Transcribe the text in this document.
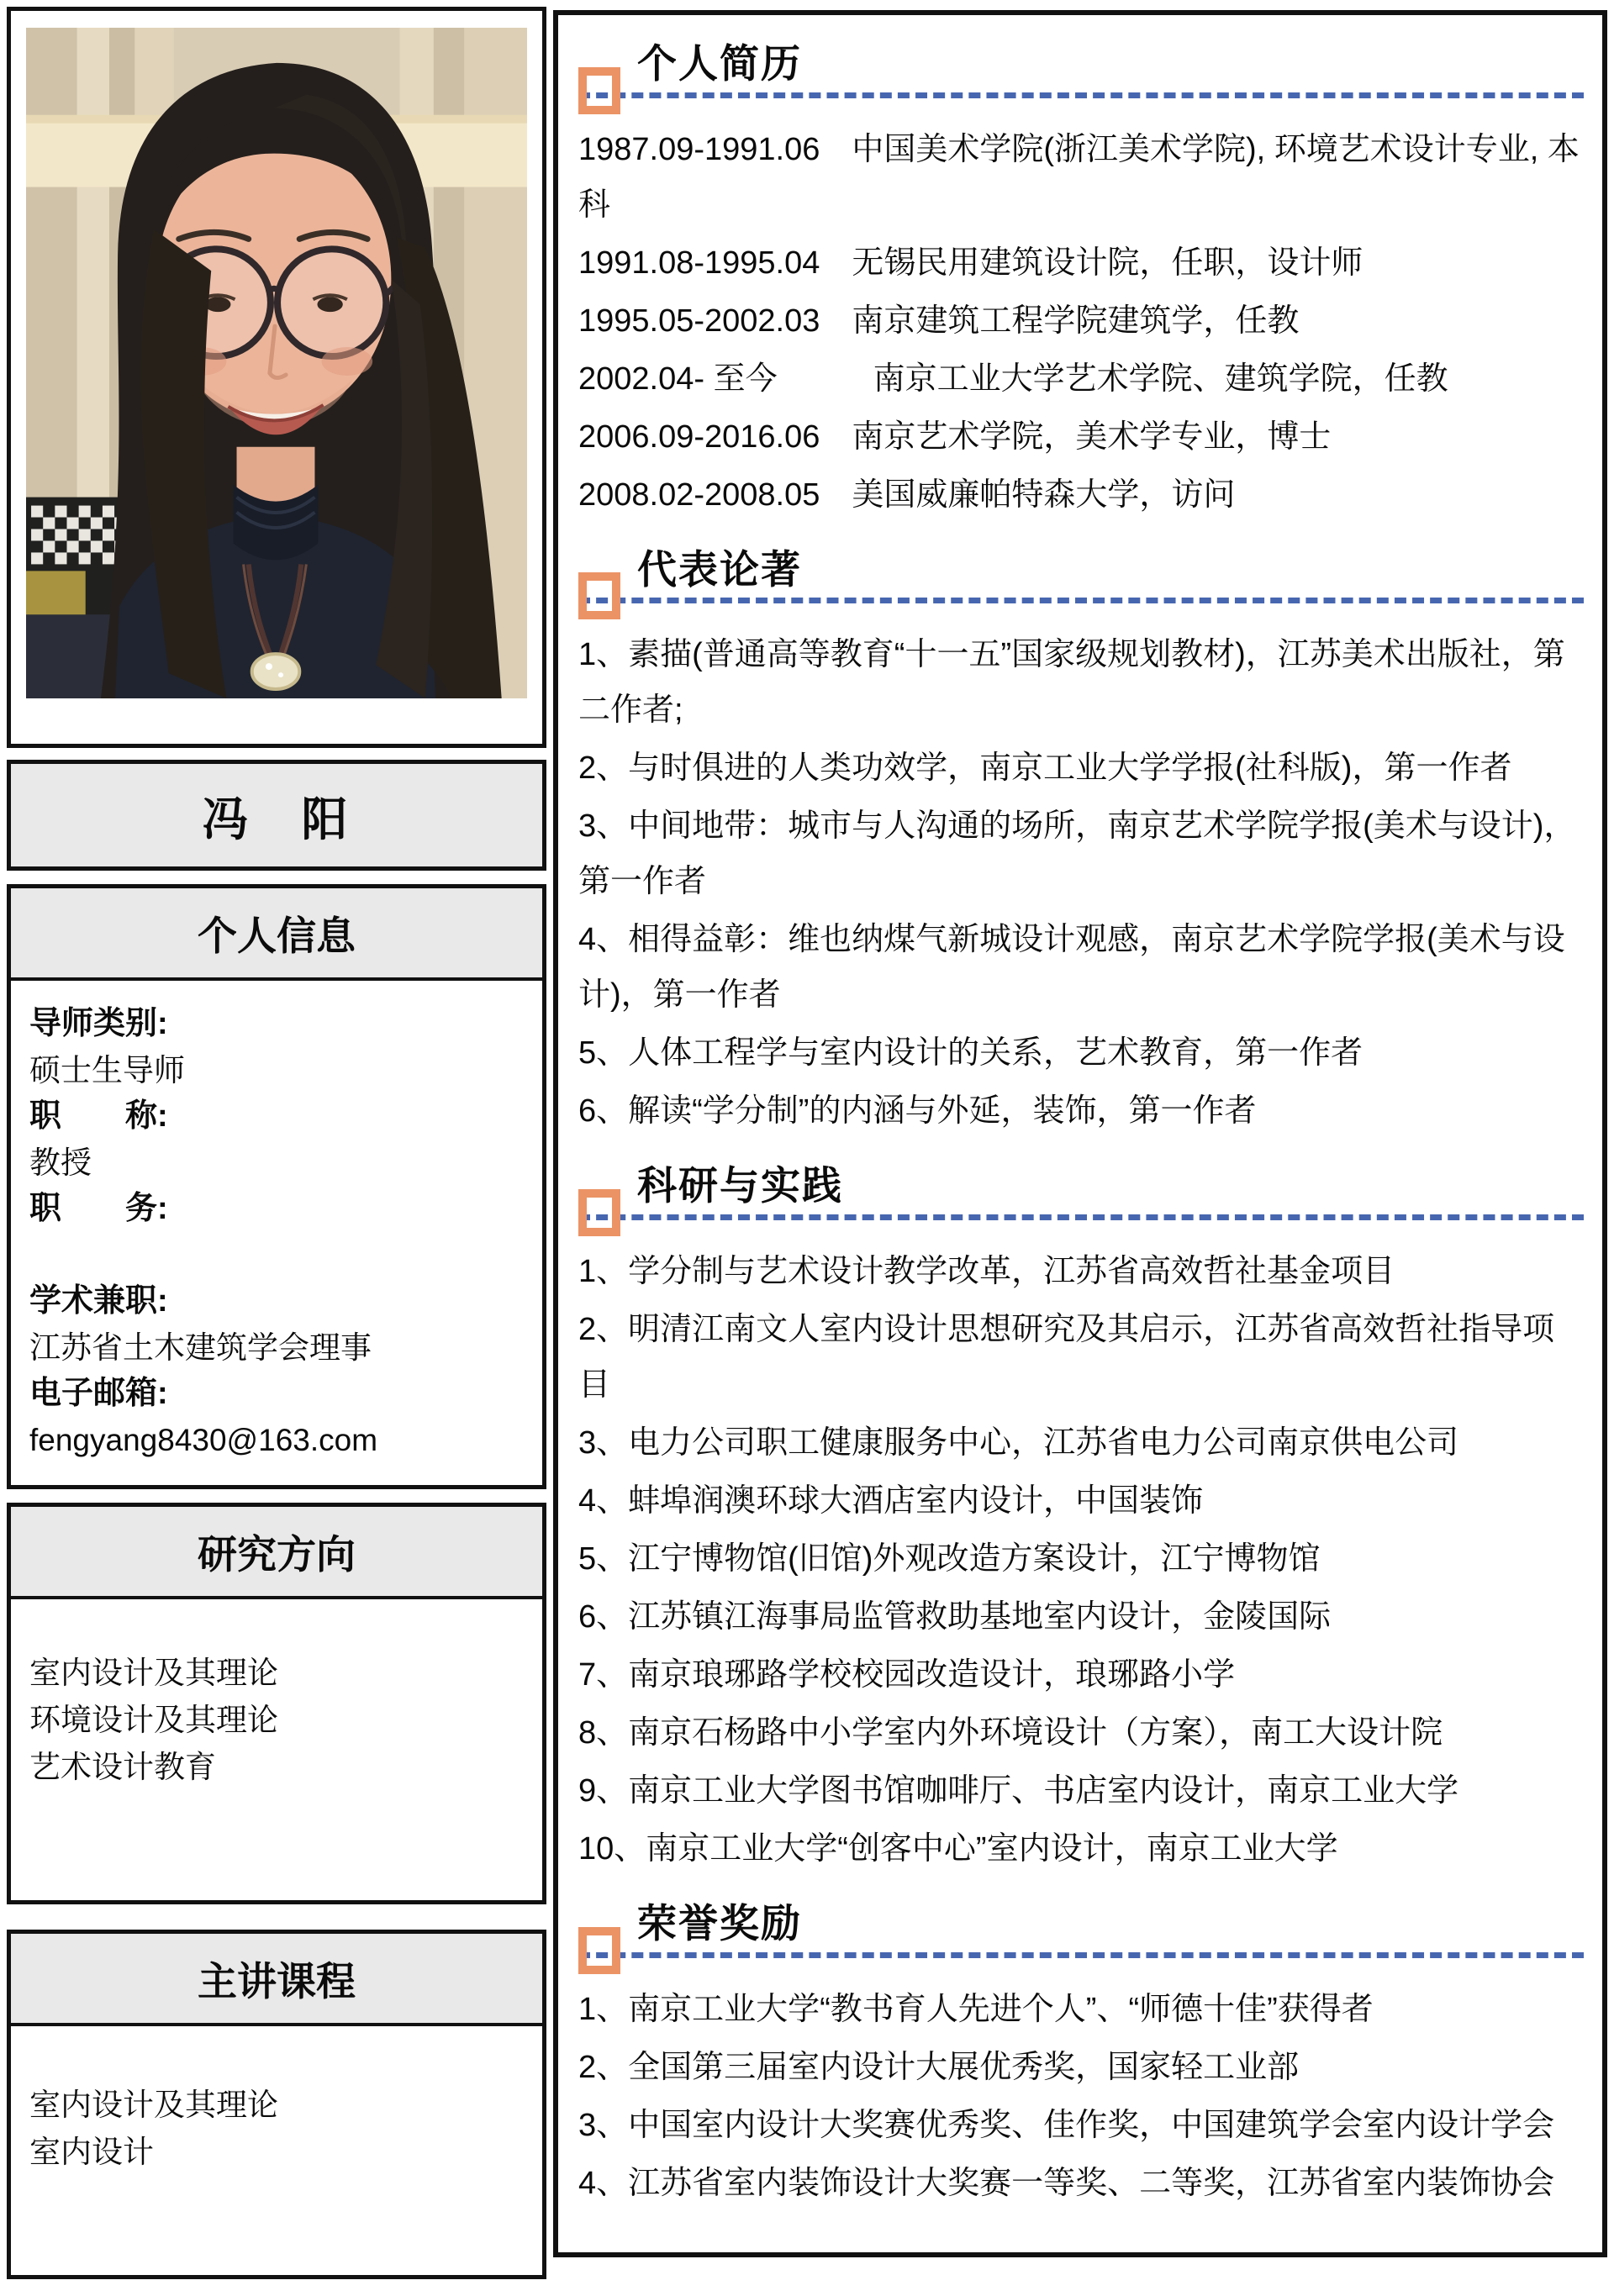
冯　阳
个人信息
导师类别:
硕士生导师
职　　称:
教授
职　　务:
学术兼职:
江苏省土木建筑学会理事
电子邮箱:
fengyang8430@163.com
研究方向
室内设计及其理论
环境设计及其理论
艺术设计教育
主讲课程
室内设计及其理论
室内设计
个人简历

1987.09-1991.06　中国美术学院(浙江美术学院), 环境艺术设计专业, 本科

1991.08-1995.04　无锡民用建筑设计院，任职，设计师

1995.05-2002.03　南京建筑工程学院建筑学，任教

2002.04- 至今　　　南京工业大学艺术学院、建筑学院，任教

2006.09-2016.06　南京艺术学院，美术学专业，博士

2008.02-2008.05　美国威廉帕特森大学，访问

代表论著

1、素描(普通高等教育“十一五”国家级规划教材)，江苏美术出版社，第二作者;

2、与时俱进的人类功效学，南京工业大学学报(社科版)，第一作者

3、中间地带：城市与人沟通的场所，南京艺术学院学报(美术与设计)，第一作者

4、相得益彰：维也纳煤气新城设计观感，南京艺术学院学报(美术与设计)，第一作者

5、人体工程学与室内设计的关系，艺术教育，第一作者

6、解读“学分制”的内涵与外延，装饰，第一作者

科研与实践

1、学分制与艺术设计教学改革，江苏省高效哲社基金项目

2、明清江南文人室内设计思想研究及其启示，江苏省高效哲社指导项目

3、电力公司职工健康服务中心，江苏省电力公司南京供电公司

4、蚌埠润澳环球大酒店室内设计，中国装饰

5、江宁博物馆(旧馆)外观改造方案设计，江宁博物馆

6、江苏镇江海事局监管救助基地室内设计，金陵国际

7、南京琅琊路学校校园改造设计，琅琊路小学

8、南京石杨路中小学室内外环境设计（方案），南工大设计院

9、南京工业大学图书馆咖啡厅、书店室内设计，南京工业大学

10、南京工业大学“创客中心”室内设计，南京工业大学

荣誉奖励

1、南京工业大学“教书育人先进个人”、“师德十佳”获得者

2、全国第三届室内设计大展优秀奖，国家轻工业部

3、中国室内设计大奖赛优秀奖、佳作奖，中国建筑学会室内设计学会

4、江苏省室内装饰设计大奖赛一等奖、二等奖，江苏省室内装饰协会
